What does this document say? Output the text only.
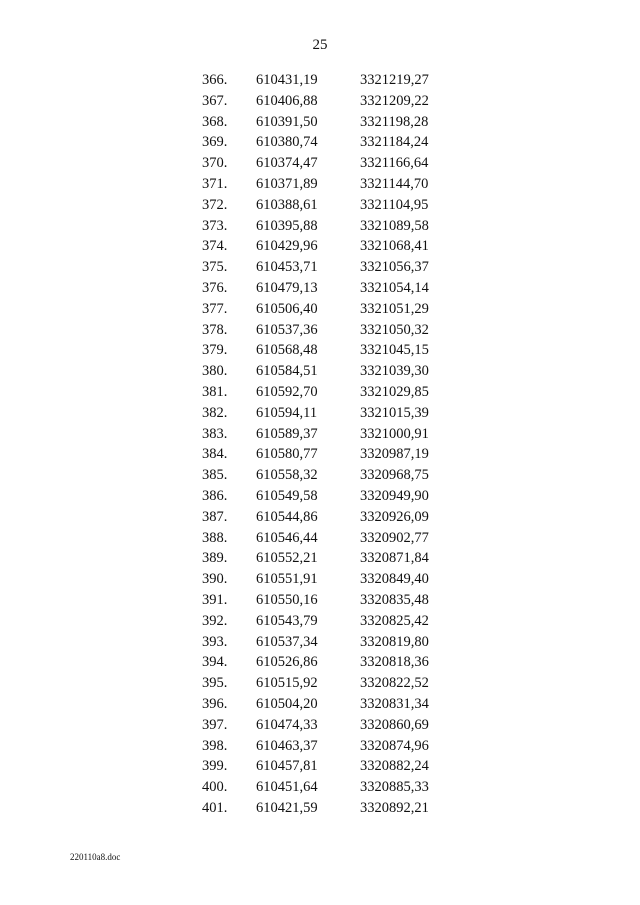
25
366. 610431,19	3321219,27
367. 610406,88	3321209,22
368. 610391,50	3321198,28
369. 610380,74	3321184,24
370. 610374,47	3321166,64
371. 610371,89	3321144,70
372. 610388,61	3321104,95
373. 610395,88	3321089,58
374. 610429,96	3321068,41
375. 610453,71	3321056,37
376. 610479,13	3321054,14
377. 610506,40	3321051,29
378. 610537,36	3321050,32
379. 610568,48	3321045,15
380. 610584,51	3321039,30
381. 610592,70	3321029,85
382. 610594,11	3321015,39
383. 610589,37	3321000,91
384. 610580,77	3320987,19
385. 610558,32	3320968,75
386. 610549,58	3320949,90
387. 610544,86	3320926,09
388. 610546,44	3320902,77
389. 610552,21	3320871,84
390. 610551,91	3320849,40
391. 610550,16	3320835,48
392. 610543,79	3320825,42
393. 610537,34	3320819,80
394. 610526,86	3320818,36
395. 610515,92	3320822,52
396. 610504,20	3320831,34
397. 610474,33	3320860,69
398. 610463,37	3320874,96
399. 610457,81	3320882,24
400. 610451,64	3320885,33
401. 610421,59	3320892,21
220110a8.doc
